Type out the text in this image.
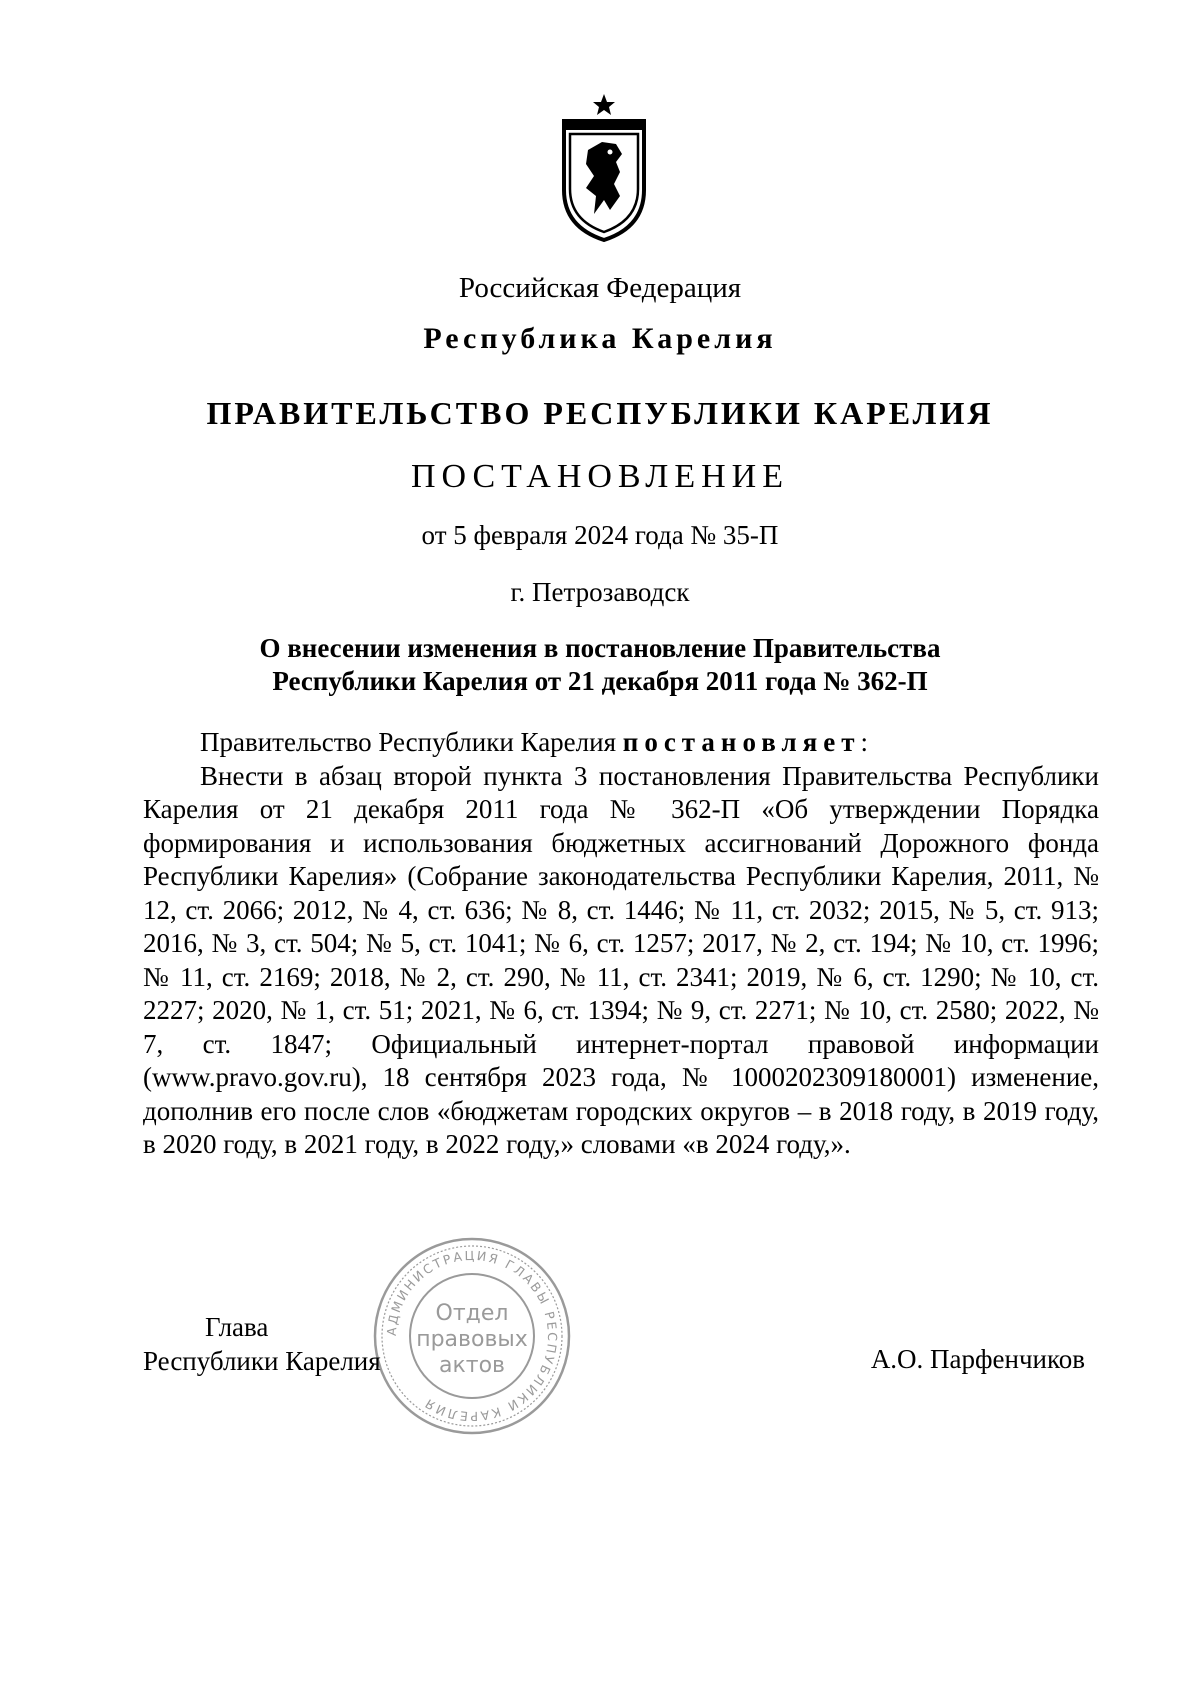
Российская Федерация
Республика Карелия
ПРАВИТЕЛЬСТВО РЕСПУБЛИКИ КАРЕЛИЯ
ПОСТАНОВЛЕНИЕ
от 5 февраля 2024 года № 35-П
г. Петрозаводск
О внесении изменения в постановление Правительства
Республики Карелия от 21 декабря 2011 года № 362-П

Правительство Республики Карелия постановляет:

Внести в абзац второй пункта 3 постановления Правительства Республики Карелия от 21 декабря 2011 года № 362-П «Об утверждении Порядка формирования и использования бюджетных ассигнований Дорожного фонда Республики Карелия» (Собрание законодательства Республики Карелия, 2011, № 12, ст. 2066; 2012, № 4, ст. 636; № 8, ст. 1446; № 11, ст. 2032; 2015, № 5, ст. 913; 2016, № 3, ст. 504; № 5, ст. 1041; № 6, ст. 1257; 2017, № 2, ст. 194; № 10, ст. 1996; № 11, ст. 2169; 2018, № 2, ст. 290, № 11, ст. 2341; 2019, № 6, ст. 1290; № 10, ст. 2227; 2020, № 1, ст. 51; 2021, № 6, ст. 1394; № 9, ст. 2271; № 10, ст. 2580; 2022, № 7, ст. 1847; Официальный интернет-портал правовой информации (www.pravo.gov.ru), 18 сентября 2023 года, № 1000202309180001) изменение, дополнив его после слов «бюджетам городских округов – в 2018 году, в 2019 году, в 2020 году, в 2021 году, в 2022 году,» словами «в 2024 году,».

АДМИНИСТРАЦИЯ ГЛАВЫ РЕСПУБЛИКИ КАРЕЛИЯ
Отдел
правовых
актов
Глава
Республики Карелия	А.О. Парфенчиков
